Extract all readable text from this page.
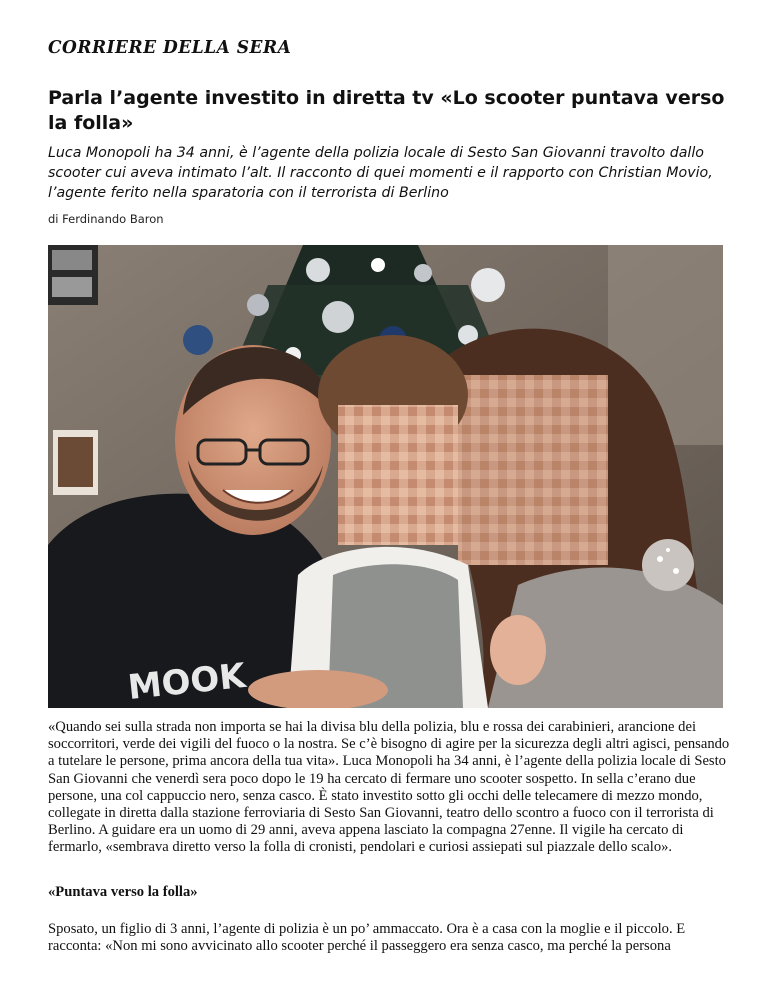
CORRIERE DELLA SERA
Parla l’agente investito in diretta tv «Lo scooter puntava verso la folla»

Luca Monopoli ha 34 anni, è l’agente della polizia locale di Sesto San Giovanni travolto dallo scooter cui aveva intimato l’alt. Il racconto di quei momenti e il rapporto con Christian Movio, l’agente ferito nella sparatoria con il terrorista di Berlino

di Ferdinando Baron
MOOK

«Quando sei sulla strada non importa se hai la divisa blu della polizia, blu e rossa dei carabinieri, arancione dei soccorritori, verde dei vigili del fuoco o la nostra. Se c’è bisogno di agire per la sicurezza degli altri agisci, pensando a tutelare le persone, prima ancora della tua vita». Luca Monopoli ha 34 anni, è l’agente della polizia locale di Sesto San Giovanni che venerdì sera poco dopo le 19 ha cercato di fermare uno scooter sospetto. In sella c’erano due persone, una col cappuccio nero, senza casco. È stato investito sotto gli occhi delle telecamere di mezzo mondo, collegate in diretta dalla stazione ferroviaria di Sesto San Giovanni, teatro dello scontro a fuoco con il terrorista di Berlino. A guidare era un uomo di 29 anni, aveva appena lasciato la compagna 27enne. Il vigile ha cercato di fermarlo, «sembrava diretto verso la folla di cronisti, pendolari e curiosi assiepati sul piazzale dello scalo».

«Puntava verso la folla»

Sposato, un figlio di 3 anni, l’agente di polizia è un po’ ammaccato. Ora è a casa con la moglie e il piccolo. E racconta: «Non mi sono avvicinato allo scooter perché il passeggero era senza casco, ma perché la persona
